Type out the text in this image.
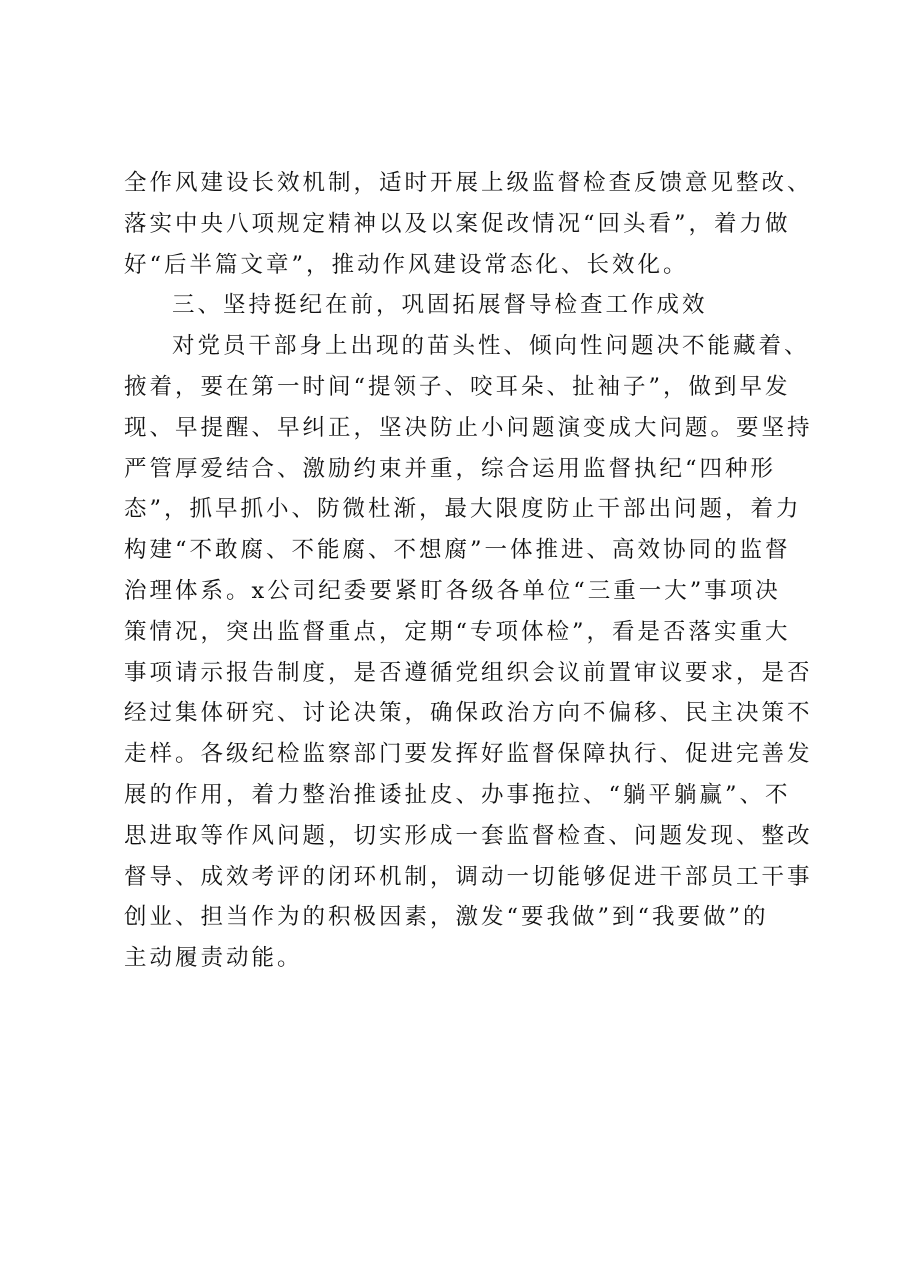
全作风建设长效机制，适时开展上级监督检查反馈意见整改、
落实中央八项规定精神以及以案促改情况“回头看”，着力做
好“后半篇文章”，推动作风建设常态化、长效化。
三、坚持挺纪在前，巩固拓展督导检查工作成效
对党员干部身上出现的苗头性、倾向性问题决不能藏着、
掖着，要在第一时间“提领子、咬耳朵、扯袖子”，做到早发
现、早提醒、早纠正，坚决防止小问题演变成大问题。要坚持
严管厚爱结合、激励约束并重，综合运用监督执纪“四种形
态”，抓早抓小、防微杜渐，最大限度防止干部出问题，着力
构建“不敢腐、不能腐、不想腐”一体推进、高效协同的监督
治理体系。x公司纪委要紧盯各级各单位“三重一大”事项决
策情况，突出监督重点，定期“专项体检”，看是否落实重大
事项请示报告制度，是否遵循党组织会议前置审议要求，是否
经过集体研究、讨论决策，确保政治方向不偏移、民主决策不
走样。各级纪检监察部门要发挥好监督保障执行、促进完善发
展的作用，着力整治推诿扯皮、办事拖拉、“躺平躺赢”、不
思进取等作风问题，切实形成一套监督检查、问题发现、整改
督导、成效考评的闭环机制，调动一切能够促进干部员工干事
创业、担当作为的积极因素，激发“要我做”到“我要做”的
主动履责动能。
